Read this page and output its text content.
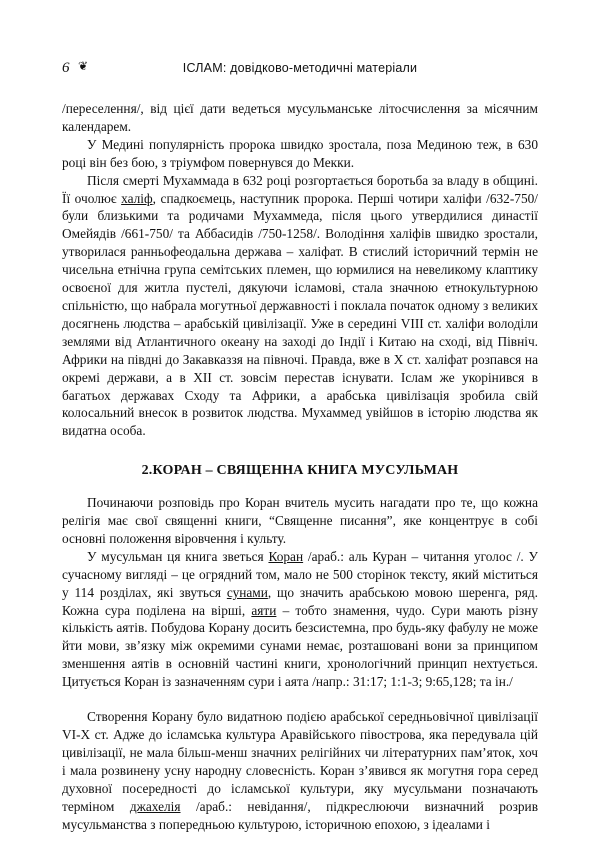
6 ❦	ІСЛАМ: довідково-методичні матеріали

/переселення/, від цієї дати ведеться мусульманське літосчислення за місячним календарем.

У Медині популярність пророка швидко зростала, поза Мединою теж, в 630 році він без бою, з тріумфом повернувся до Мекки.

Після смерті Мухаммада в 632 році розгортається боротьба за владу в общині. Її очолює халіф, спадкоємець, наступник пророка. Перші чотири халіфи /632-750/ були близькими та родичами Мухаммеда, після цього утвердилися династії Омейядів /661-750/ та Аббасидів /750-1258/. Володіння халіфів швидко зростали, утворилася ранньофеодальна держава – халіфат. В стислий історичний термін не чисельна етнічна група семітських племен, що юрмилися на невеликому клаптику освоєної для житла пустелі, дякуючи ісламові, стала значною етнокультурною спільністю, що набрала могутньої державності і поклала початок одному з великих досягнень людства – арабській цивілізації. Уже в середині VIII ст. халіфи володіли землями від Атлантичного океану на заході до Індії і Китаю на сході, від Північ. Африки на півдні до Закавказзя на півночі. Правда, вже в Х ст. халіфат розпався на окремі держави, а в ХІІ ст. зовсім перестав існувати. Іслам же укорінився в багатьох державах Сходу та Африки, а арабська цивілізація зробила свій колосальний внесок в розвиток людства. Мухаммед увійшов в історію людства як видатна особа.

2.КОРАН – СВЯЩЕННА КНИГА МУСУЛЬМАН

Починаючи розповідь про Коран вчитель мусить нагадати про те, що кожна релігія має свої священні книги, “Священне писання”, яке концентрує в собі основні положення віровчення і культу.

У мусульман ця книга зветься Коран /араб.: аль Куран – читання уголос /. У сучасному вигляді – це огрядний том, мало не 500 сторінок тексту, який міститься у 114 розділах, які звуться сунами, що значить арабською мовою шеренга, ряд. Кожна сура поділена на вірші, аяти – тобто знамення, чудо. Сури мають різну кількість аятів. Побудова Корану досить безсистемна, про будь-яку фабулу не може йти мови, зв’язку між окремими сунами немає, розташовані вони за принципом зменшення аятів в основній частині книги, хронологічний принцип нехтується. Цитується Коран із зазначенням сури і аята /напр.: 31:17; 1:1-3; 9:65,128; та ін./

Створення Корану було видатною подією арабської середньовічної цивілізації VI-X ст. Адже до ісламська культура Аравійського півострова, яка передувала цій цивілізації, не мала більш-менш значних релігійних чи літературних пам’яток, хоч і мала розвинену усну народну словесність. Коран з’явився як могутня гора серед духовної посередності до ісламської культури, яку мусульмани позначають терміном джахелія /араб.: невідання/, підкреслюючи визначний розрив мусульманства з попередньою культурою, історичною епохою, з ідеалами і
